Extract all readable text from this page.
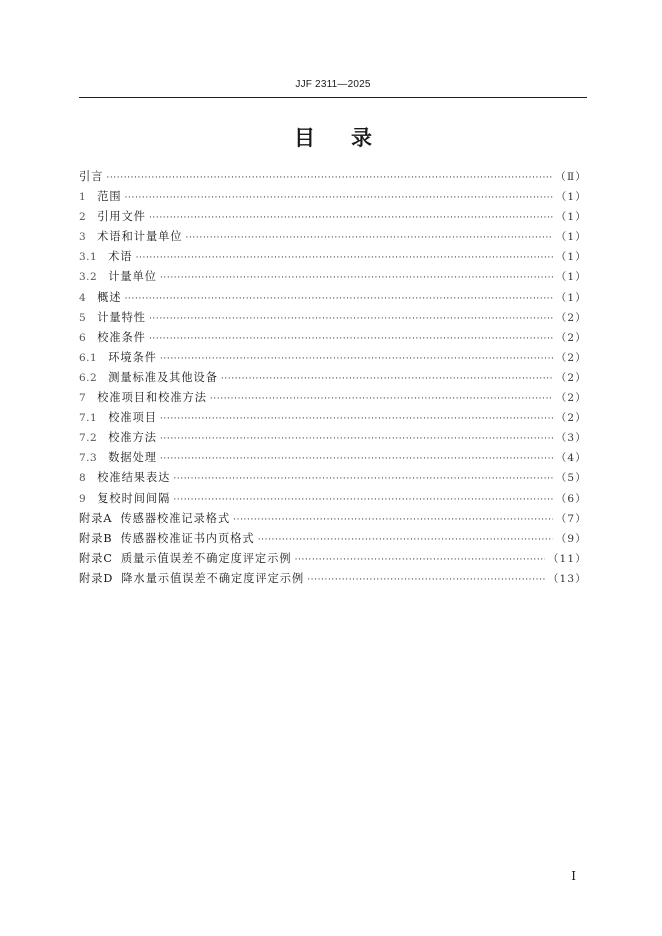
JJF 2311—2025
目录
引言 ·····	（Ⅱ）
1 范围 ·····	（1）
2 引用文件 ·····	（1）
3 术语和计量单位 ·····	（1）
3.1 术语 ·····	（1）
3.2 计量单位 ·····	（1）
4 概述 ·····	（1）
5 计量特性 ·····	（2）
6 校准条件 ·····	（2）
6.1 环境条件 ·····	（2）
6.2 测量标准及其他设备 ·····	（2）
7 校准项目和校准方法 ·····	（2）
7.1 校准项目 ·····	（2）
7.2 校准方法 ·····	（3）
7.3 数据处理 ·····	（4）
8 校准结果表达 ·····	（5）
9 复校时间间隔 ·····	（6）
附录A 传感器校准记录格式 ·····	（7）
附录B 传感器校准证书内页格式 ·····	（9）
附录C 质量示值误差不确定度评定示例 ·····	（11）
附录D 降水量示值误差不确定度评定示例 ·····	（13）
I
